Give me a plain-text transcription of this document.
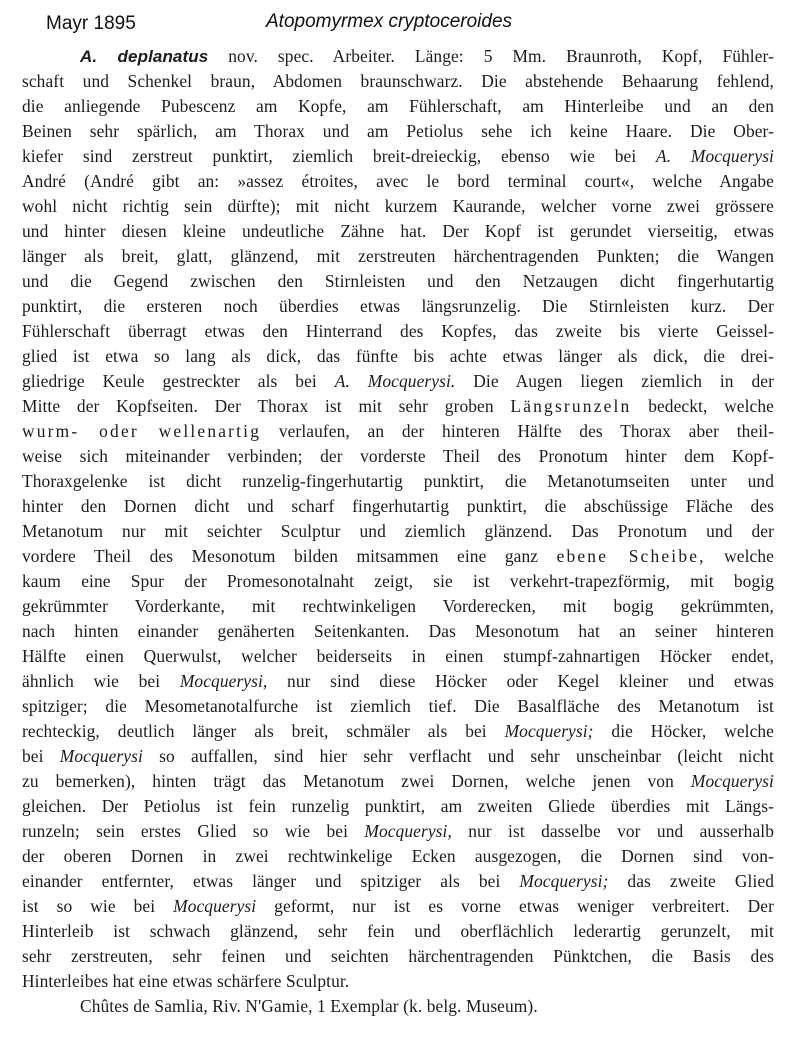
Mayr 1895	Atopomyrmex cryptoceroides
A. deplanatus nov. spec. Arbeiter. Länge: 5 Mm. Braunroth, Kopf, Fühler-
schaft und Schenkel braun, Abdomen braunschwarz. Die abstehende Behaarung fehlend,
die anliegende Pubescenz am Kopfe, am Fühlerschaft, am Hinterleibe und an den
Beinen sehr spärlich, am Thorax und am Petiolus sehe ich keine Haare. Die Ober-
kiefer sind zerstreut punktirt, ziemlich breit-dreieckig, ebenso wie bei A. Mocquerysi
André (André gibt an: »assez étroites, avec le bord terminal court«, welche Angabe
wohl nicht richtig sein dürfte); mit nicht kurzem Kaurande, welcher vorne zwei grössere
und hinter diesen kleine undeutliche Zähne hat. Der Kopf ist gerundet vierseitig, etwas
länger als breit, glatt, glänzend, mit zerstreuten härchentragenden Punkten; die Wangen
und die Gegend zwischen den Stirnleisten und den Netzaugen dicht fingerhutartig
punktirt, die ersteren noch überdies etwas längsrunzelig. Die Stirnleisten kurz. Der
Fühlerschaft überragt etwas den Hinterrand des Kopfes, das zweite bis vierte Geissel-
glied ist etwa so lang als dick, das fünfte bis achte etwas länger als dick, die drei-
gliedrige Keule gestreckter als bei A. Mocquerysi. Die Augen liegen ziemlich in der
Mitte der Kopfseiten. Der Thorax ist mit sehr groben Längsrunzeln bedeckt, welche
wurm- oder wellenartig verlaufen, an der hinteren Hälfte des Thorax aber theil-
weise sich miteinander verbinden; der vorderste Theil des Pronotum hinter dem Kopf-
Thoraxgelenke ist dicht runzelig-fingerhutartig punktirt, die Metanotumseiten unter und
hinter den Dornen dicht und scharf fingerhutartig punktirt, die abschüssige Fläche des
Metanotum nur mit seichter Sculptur und ziemlich glänzend. Das Pronotum und der
vordere Theil des Mesonotum bilden mitsammen eine ganz ebene Scheibe, welche
kaum eine Spur der Promesonotalnaht zeigt, sie ist verkehrt-trapezförmig, mit bogig
gekrümmter Vorderkante, mit rechtwinkeligen Vorderecken, mit bogig gekrümmten,
nach hinten einander genäherten Seitenkanten. Das Mesonotum hat an seiner hinteren
Hälfte einen Querwulst, welcher beiderseits in einen stumpf-zahnartigen Höcker endet,
ähnlich wie bei Mocquerysi, nur sind diese Höcker oder Kegel kleiner und etwas
spitziger; die Mesometanotalfurche ist ziemlich tief. Die Basalfläche des Metanotum ist
rechteckig, deutlich länger als breit, schmäler als bei Mocquerysi; die Höcker, welche
bei Mocquerysi so auffallen, sind hier sehr verflacht und sehr unscheinbar (leicht nicht
zu bemerken), hinten trägt das Metanotum zwei Dornen, welche jenen von Mocquerysi
gleichen. Der Petiolus ist fein runzelig punktirt, am zweiten Gliede überdies mit Längs-
runzeln; sein erstes Glied so wie bei Mocquerysi, nur ist dasselbe vor und ausserhalb
der oberen Dornen in zwei rechtwinkelige Ecken ausgezogen, die Dornen sind von-
einander entfernter, etwas länger und spitziger als bei Mocquerysi; das zweite Glied
ist so wie bei Mocquerysi geformt, nur ist es vorne etwas weniger verbreitert. Der
Hinterleib ist schwach glänzend, sehr fein und oberflächlich lederartig gerunzelt, mit
sehr zerstreuten, sehr feinen und seichten härchentragenden Pünktchen, die Basis des
Hinterleibes hat eine etwas schärfere Sculptur.
Chûtes de Samlia, Riv. N'Gamie, 1 Exemplar (k. belg. Museum).
